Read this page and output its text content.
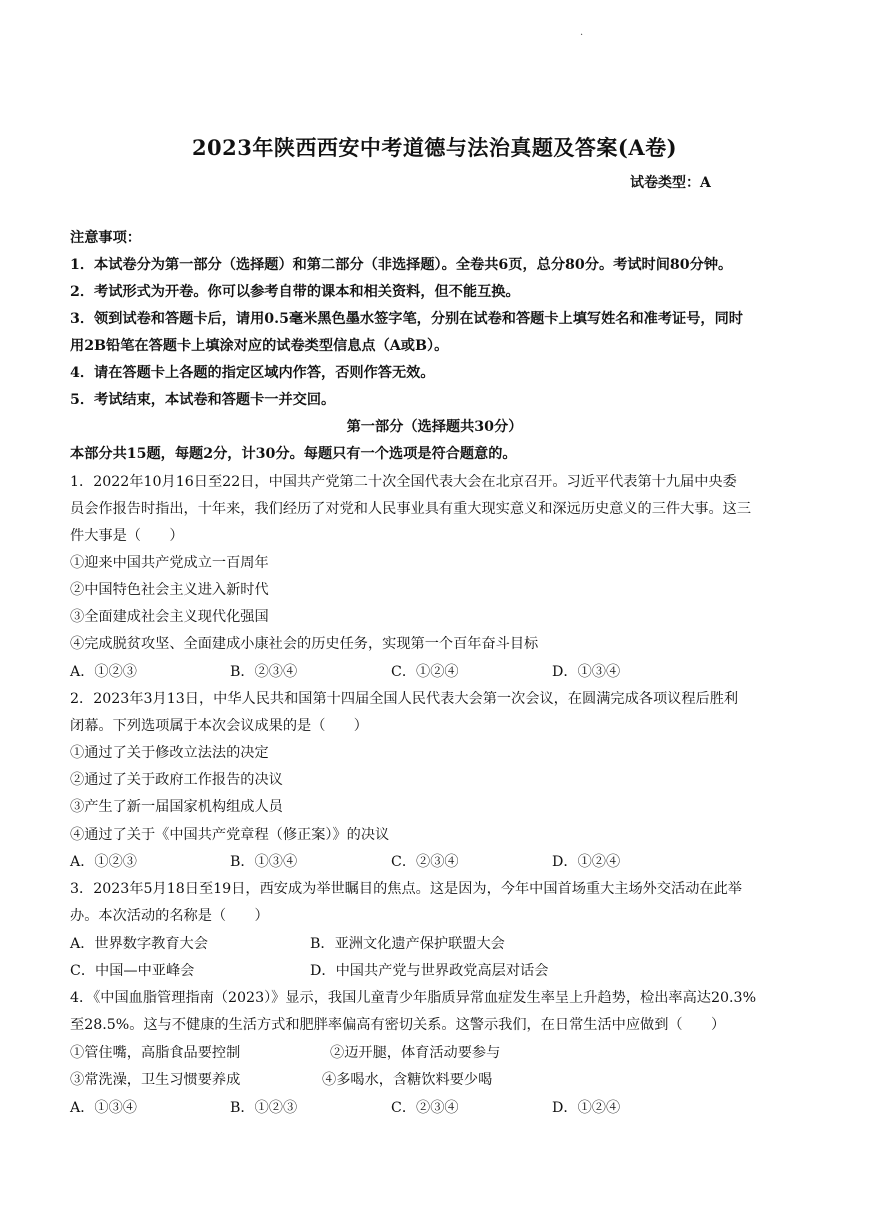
·
2023年陕西西安中考道德与法治真题及答案(A卷)
试卷类型：A
注意事项：
1．本试卷分为第一部分（选择题）和第二部分（非选择题）。全卷共6页，总分80分。考试时间80分钟。
2．考试形式为开卷。你可以参考自带的课本和相关资料，但不能互换。
3．领到试卷和答题卡后，请用0.5毫米黑色墨水签字笔，分别在试卷和答题卡上填写姓名和准考证号，同时
用2B铅笔在答题卡上填涂对应的试卷类型信息点（A或B）。
4．请在答题卡上各题的指定区域内作答，否则作答无效。
5．考试结束，本试卷和答题卡一并交回。
第一部分（选择题共30分）
本部分共15题，每题2分，计30分。每题只有一个选项是符合题意的。
1．2022年10月16日至22日，中国共产党第二十次全国代表大会在北京召开。习近平代表第十九届中央委
员会作报告时指出，十年来，我们经历了对党和人民事业具有重大现实意义和深远历史意义的三件大事。这三
件大事是（　　）
①迎来中国共产党成立一百周年
②中国特色社会主义进入新时代
③全面建成社会主义现代化强国
④完成脱贫攻坚、全面建成小康社会的历史任务，实现第一个百年奋斗目标
A．①②③	B．②③④	C．①②④	D．①③④
2．2023年3月13日，中华人民共和国第十四届全国人民代表大会第一次会议，在圆满完成各项议程后胜利
闭幕。下列选项属于本次会议成果的是（　　）
①通过了关于修改立法法的决定
②通过了关于政府工作报告的决议
③产生了新一届国家机构组成人员
④通过了关于《中国共产党章程（修正案）》的决议
A．①②③	B．①③④	C．②③④	D．①②④
3．2023年5月18日至19日，西安成为举世瞩目的焦点。这是因为，今年中国首场重大主场外交活动在此举
办。本次活动的名称是（　　）
A．世界数字教育大会	B．亚洲文化遗产保护联盟大会
C．中国—中亚峰会	D．中国共产党与世界政党高层对话会
4．《中国血脂管理指南（2023）》显示，我国儿童青少年脂质异常血症发生率呈上升趋势，检出率高达20.3%
至28.5%。这与不健康的生活方式和肥胖率偏高有密切关系。这警示我们，在日常生活中应做到（　　）
①管住嘴，高脂食品要控制	②迈开腿，体育活动要参与
③常洗澡，卫生习惯要养成	④多喝水，含糖饮料要少喝
A．①③④	B．①②③	C．②③④	D．①②④
